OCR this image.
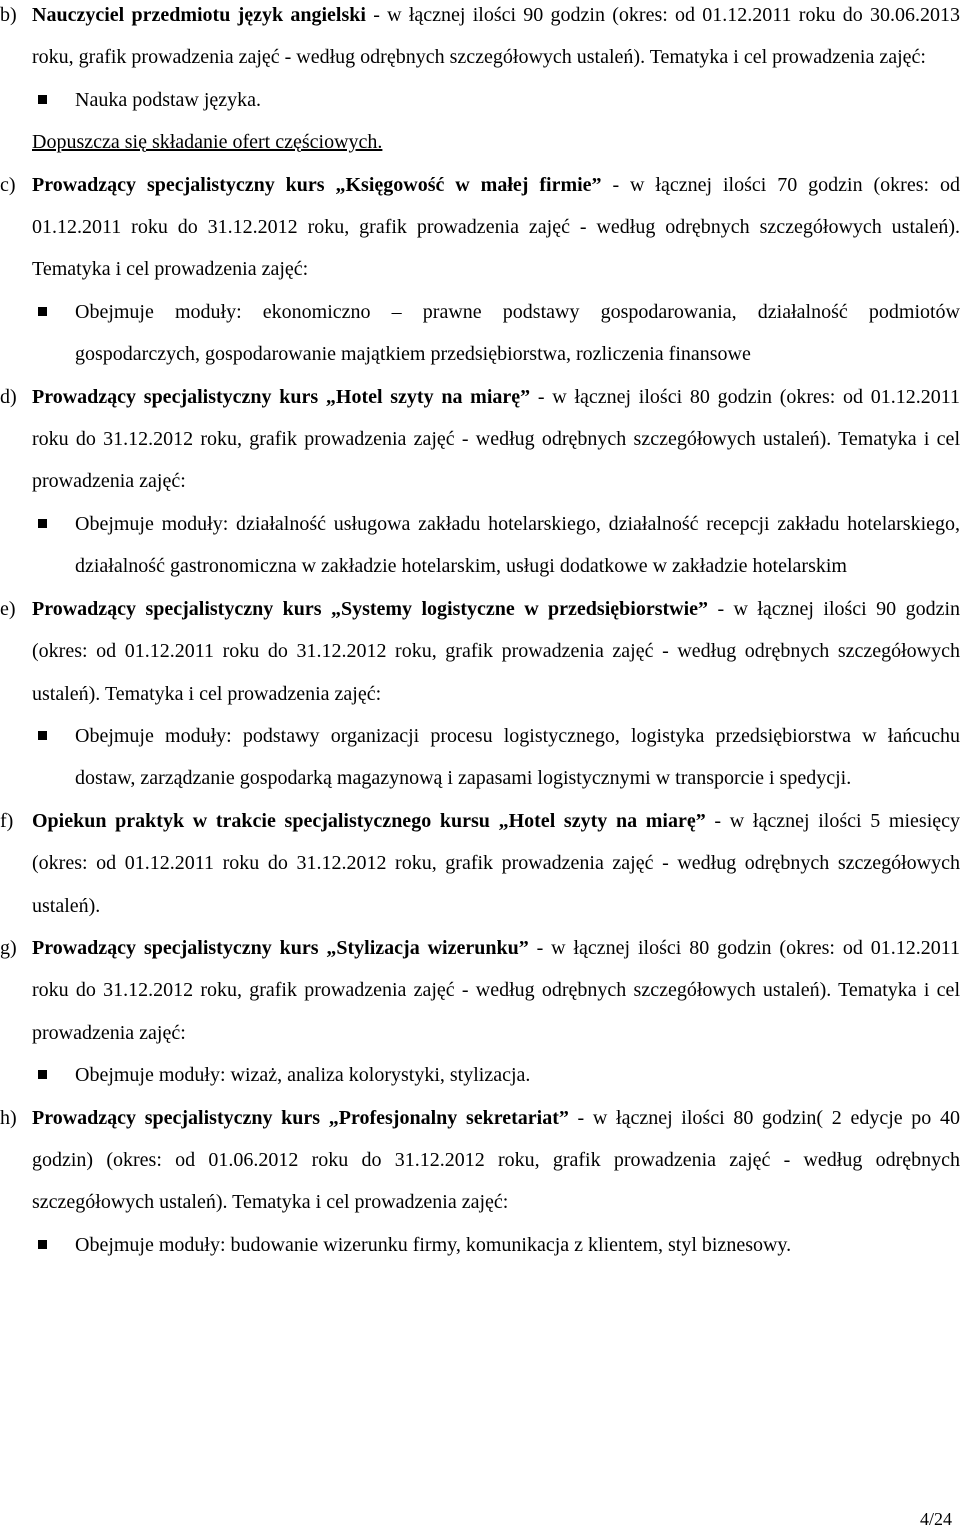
b) Nauczyciel przedmiotu język angielski - w łącznej ilości 90 godzin (okres: od 01.12.2011 roku do 30.06.2013 roku, grafik prowadzenia zajęć - według odrębnych szczegółowych ustaleń). Tematyka i cel prowadzenia zajęć:
Nauka podstaw języka.
Dopuszcza się składanie ofert częściowych.
c) Prowadzący specjalistyczny kurs „Księgowość w małej firmie” - w łącznej ilości 70 godzin (okres: od 01.12.2011 roku do 31.12.2012 roku, grafik prowadzenia zajęć - według odrębnych szczegółowych ustaleń). Tematyka i cel prowadzenia zajęć:
Obejmuje moduły: ekonomiczno – prawne podstawy gospodarowania, działalność podmiotów gospodarczych, gospodarowanie majątkiem przedsiębiorstwa, rozliczenia finansowe
d) Prowadzący specjalistyczny kurs „Hotel szyty na miarę” - w łącznej ilości 80 godzin (okres: od 01.12.2011 roku do 31.12.2012 roku, grafik prowadzenia zajęć - według odrębnych szczegółowych ustaleń). Tematyka i cel prowadzenia zajęć:
Obejmuje moduły: działalność usługowa zakładu hotelarskiego, działalność recepcji zakładu hotelarskiego, działalność gastronomiczna w zakładzie hotelarskim, usługi dodatkowe w zakładzie hotelarskim
e) Prowadzący specjalistyczny kurs „Systemy logistyczne w przedsiębiorstwie” - w łącznej ilości 90 godzin (okres: od 01.12.2011 roku do 31.12.2012 roku, grafik prowadzenia zajęć - według odrębnych szczegółowych ustaleń). Tematyka i cel prowadzenia zajęć:
Obejmuje moduły: podstawy organizacji procesu logistycznego, logistyka przedsiębiorstwa w łańcuchu dostaw, zarządzanie gospodarką magazynową i zapasami logistycznymi w transporcie i spedycji.
f) Opiekun praktyk w trakcie specjalistycznego kursu „Hotel szyty na miarę” - w łącznej ilości 5 miesięcy (okres: od 01.12.2011 roku do 31.12.2012 roku, grafik prowadzenia zajęć - według odrębnych szczegółowych ustaleń).
g) Prowadzący specjalistyczny kurs „Stylizacja wizerunku” - w łącznej ilości 80 godzin (okres: od 01.12.2011 roku do 31.12.2012 roku, grafik prowadzenia zajęć - według odrębnych szczegółowych ustaleń). Tematyka i cel prowadzenia zajęć:
Obejmuje moduły: wizaż, analiza kolorystyki, stylizacja.
h) Prowadzący specjalistyczny kurs „Profesjonalny sekretariat” - w łącznej ilości 80 godzin( 2 edycje po 40 godzin) (okres: od 01.06.2012 roku do 31.12.2012 roku, grafik prowadzenia zajęć - według odrębnych szczegółowych ustaleń). Tematyka i cel prowadzenia zajęć:
Obejmuje moduły: budowanie wizerunku firmy, komunikacja z klientem, styl biznesowy.
4/24
